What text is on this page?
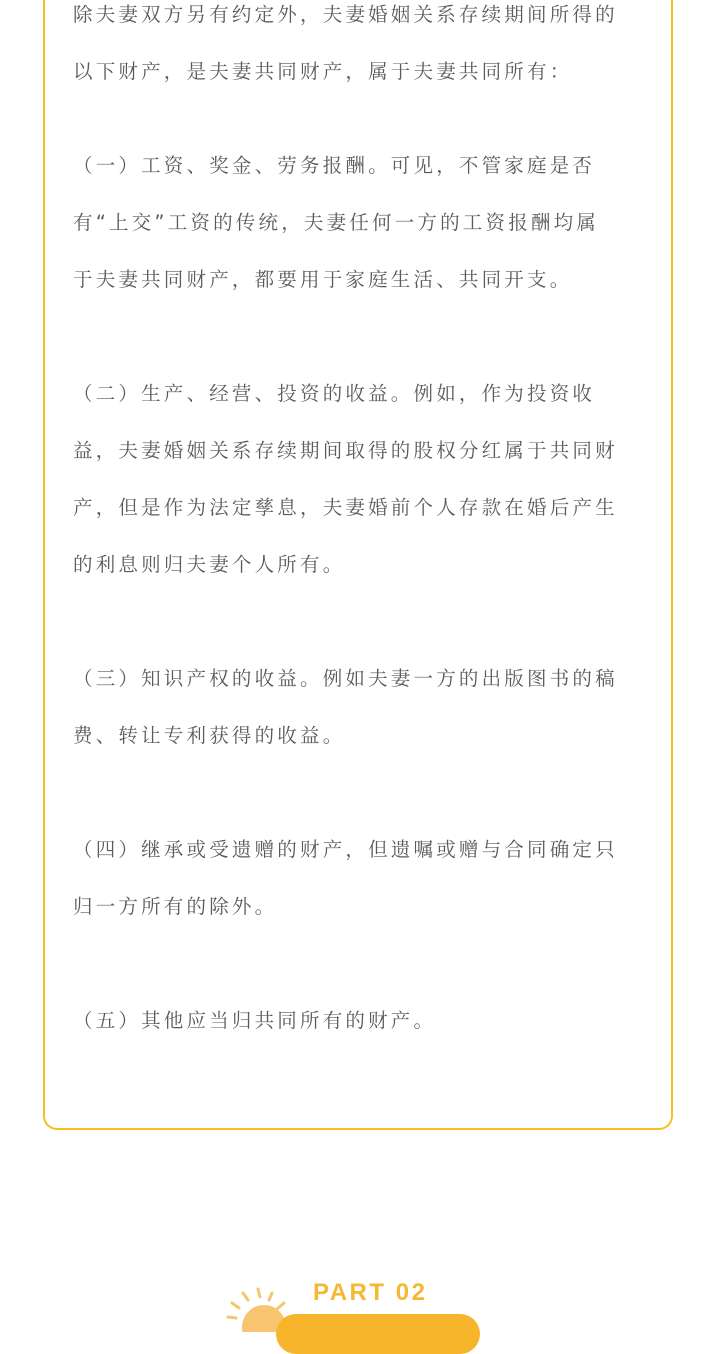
除夫妻双方另有约定外，夫妻婚姻关系存续期间所得的
以下财产，是夫妻共同财产，属于夫妻共同所有：

（一）工资、奖金、劳务报酬。可见，不管家庭是否
有“上交”工资的传统，夫妻任何一方的工资报酬均属
于夫妻共同财产，都要用于家庭生活、共同开支。

（二）生产、经营、投资的收益。例如，作为投资收
益，夫妻婚姻关系存续期间取得的股权分红属于共同财
产，但是作为法定孳息，夫妻婚前个人存款在婚后产生
的利息则归夫妻个人所有。

（三）知识产权的收益。例如夫妻一方的出版图书的稿
费、转让专利获得的收益。

（四）继承或受遗赠的财产，但遗嘱或赠与合同确定只
归一方所有的除外。

（五）其他应当归共同所有的财产。

PART 02
